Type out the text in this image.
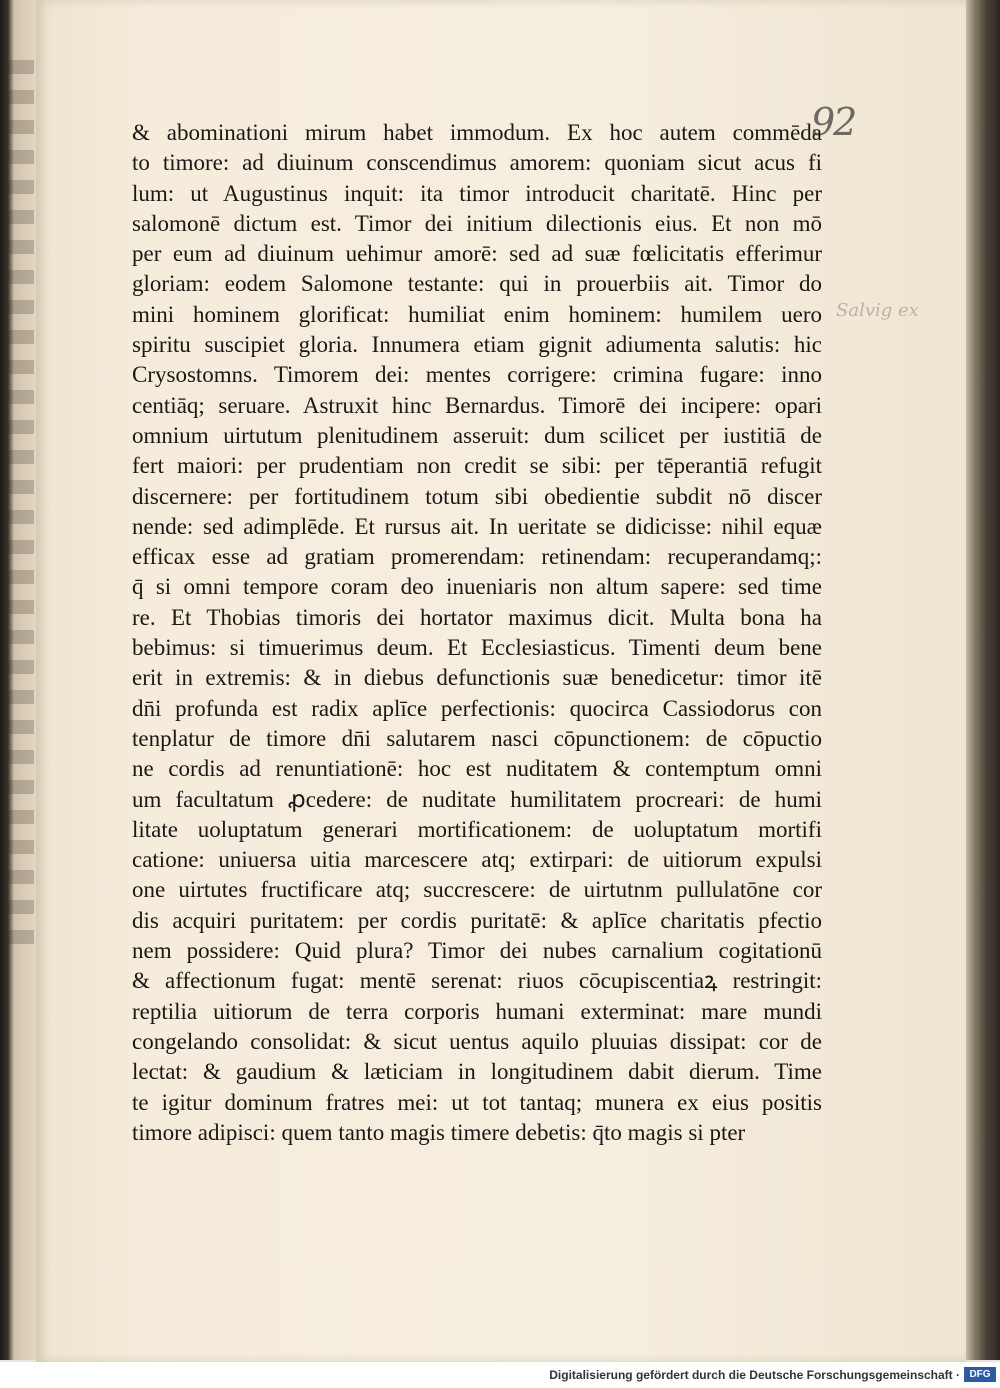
92
Salvig ex
& abominationi mirum habet immodum. Ex hoc autem commēda
to timore: ad diuinum conscendimus amorem: quoniam sicut acus fi
lum: ut Augustinus inquit: ita timor introducit charitatē. Hinc per
salomonē dictum est. Timor dei initium dilectionis eius. Et non mō
per eum ad diuinum uehimur amorē: sed ad suæ fœlicitatis efferimur
gloriam: eodem Salomone testante: qui in prouerbiis ait. Timor do
mini hominem glorificat: humiliat enim hominem: humilem uero
spiritu suscipiet gloria. Innumera etiam gignit adiumenta salutis: hic
Crysostomns. Timorem dei: mentes corrigere: crimina fugare: inno
centiāq; seruare. Astruxit hinc Bernardus. Timorē dei incipere: opari
omnium uirtutum plenitudinem asseruit: dum scilicet per iustitiā de
fert maiori: per prudentiam non credit se sibi: per tēperantiā refugit
discernere: per fortitudinem totum sibi obedientie subdit nō discer
nende: sed adimplēde. Et rursus ait. In ueritate se didicisse: nihil equæ
efficax esse ad gratiam promerendam: retinendam: recuperandamq;:
q̄ si omni tempore coram deo inueniaris non altum sapere: sed time
re. Et Thobias timoris dei hortator maximus dicit. Multa bona ha
bebimus: si timuerimus deum. Et Ecclesiasticus. Timenti deum bene
erit in extremis: & in diebus defunctionis suæ benedicetur: timor itē
dn̄i profunda est radix aplīce perfectionis: quocirca Cassiodorus con
tenplatur de timore dn̄i salutarem nasci cōpunctionem: de cōpuctio
ne cordis ad renuntiationē: hoc est nuditatem & contemptum omni
um facultatum ꝓcedere: de nuditate humilitatem procreari: de humi
litate uoluptatum generari mortificationem: de uoluptatum mortifi
catione: uniuersa uitia marcescere atq; extirpari: de uitiorum expulsi
one uirtutes fructificare atq; succrescere: de uirtutnm pullulatōne cor
dis acquiri puritatem: per cordis puritatē: & aplīce charitatis pfectio
nem possidere: Quid plura? Timor dei nubes carnalium cogitationū
& affectionum fugat: mentē serenat: riuos cōcupiscentiaꝝ restringit:
reptilia uitiorum de terra corporis humani exterminat: mare mundi
congelando consolidat: & sicut uentus aquilo pluuias dissipat: cor de
lectat: & gaudium & læticiam in longitudinem dabit dierum. Time
te igitur dominum fratres mei: ut tot tantaq; munera ex eius positis
timore adipisci: quem tanto magis timere debetis: q̄to magis si pter
Digitalisierung gefördert durch die Deutsche Forschungsgemeinschaft · DFG
